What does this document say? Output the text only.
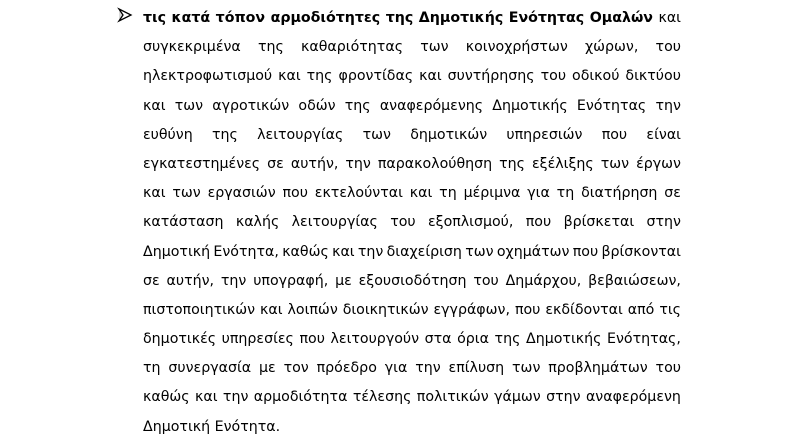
τις κατά τόπον αρμοδιότητες της Δημοτικής Ενότητας Ομαλών και
συγκεκριμένα της καθαριότητας των κοινοχρήστων χώρων, του
ηλεκτροφωτισμού και της φροντίδας και συντήρησης του οδικού δικτύου
και των αγροτικών οδών της αναφερόμενης Δημοτικής Ενότητας την
ευθύνη της λειτουργίας των δημοτικών υπηρεσιών που είναι
εγκατεστημένες σε αυτήν, την παρακολούθηση της εξέλιξης των έργων
και των εργασιών που εκτελούνται και τη μέριμνα για τη διατήρηση σε
κατάσταση καλής λειτουργίας του εξοπλισμού, που βρίσκεται στην
Δημοτική Ενότητα, καθώς και την διαχείριση των οχημάτων που βρίσκονται
σε αυτήν, την υπογραφή, με εξουσιοδότηση του Δημάρχου, βεβαιώσεων,
πιστοποιητικών και λοιπών διοικητικών εγγράφων, που εκδίδονται από τις
δημοτικές υπηρεσίες που λειτουργούν στα όρια της Δημοτικής Ενότητας,
τη συνεργασία με τον πρόεδρο για την επίλυση των προβλημάτων του
καθώς και την αρμοδιότητα τέλεσης πολιτικών γάμων στην αναφερόμενη
Δημοτική
Ενότητα.
